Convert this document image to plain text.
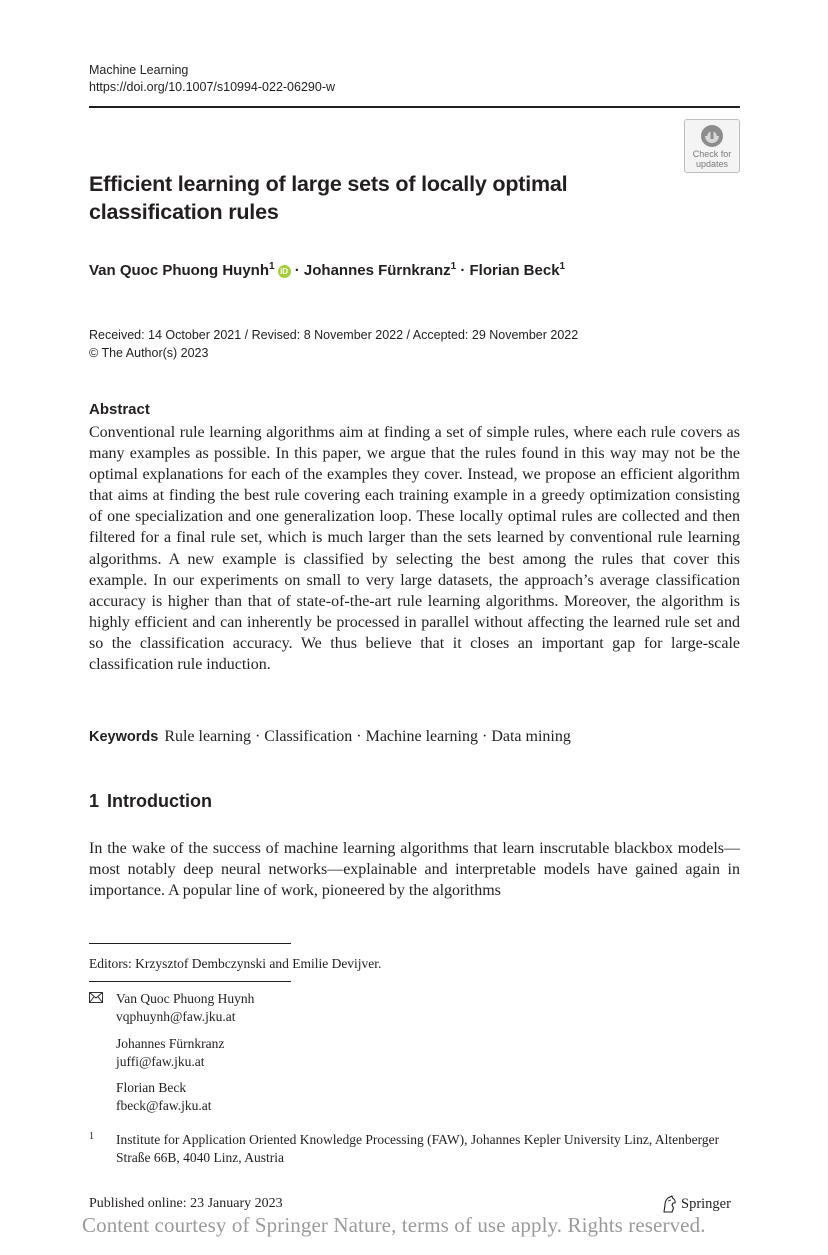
Machine Learning
https://doi.org/10.1007/s10994-022-06290-w
Check for
updates
Efficient learning of large sets of locally optimal classification rules
Van Quoc Phuong Huynh$^1$ iD · Johannes Fürnkranz$^1$ · Florian Beck$^1$
Received: 14 October 2021 / Revised: 8 November 2022 / Accepted: 29 November 2022
© The Author(s) 2023
Abstract
Conventional rule learning algorithms aim at finding a set of simple rules, where each rule covers as many examples as possible. In this paper, we argue that the rules found in this way may not be the optimal explanations for each of the examples they cover. Instead, we propose an efficient algorithm that aims at finding the best rule covering each training example in a greedy optimization consisting of one specialization and one generalization loop. These locally optimal rules are collected and then filtered for a final rule set, which is much larger than the sets learned by conventional rule learning algorithms. A new example is classified by selecting the best among the rules that cover this example. In our experiments on small to very large datasets, the approach’s average classification accuracy is higher than that of state-of-the-art rule learning algorithms. Moreover, the algorithm is highly efficient and can inherently be processed in parallel without affecting the learned rule set and so the classification accuracy. We thus believe that it closes an important gap for large-scale classification rule induction.
Keywords Rule learning · Classification · Machine learning · Data mining
1 Introduction
In the wake of the success of machine learning algorithms that learn inscrutable blackbox models—most notably deep neural networks—explainable and interpretable models have gained again in importance. A popular line of work, pioneered by the algorithms
Editors: Krzysztof Dembczynski and Emilie Devijver.
Van Quoc Phuong Huynh
vqphuynh@faw.jku.at
Johannes Fürnkranz
juffi@faw.jku.at
Florian Beck
fbeck@faw.jku.at
1 Institute for Application Oriented Knowledge Processing (FAW), Johannes Kepler University Linz, Altenberger Straße 66B, 4040 Linz, Austria
Published online: 23 January 2023	Springer
Content courtesy of Springer Nature, terms of use apply. Rights reserved.
